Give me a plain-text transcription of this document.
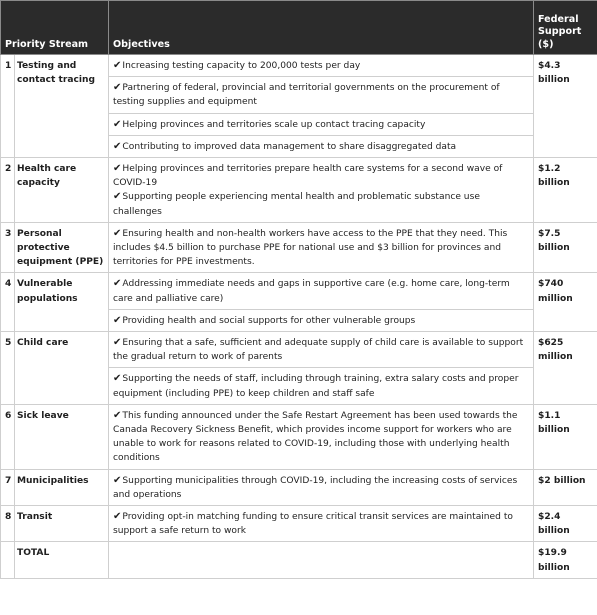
Priority Stream		Objectives	Federal Support ($)
1	Testing and contact tracing	✔Increasing testing capacity to 200,000 tests per day	$4.3 billion
		✔Partnering of federal, provincial and territorial governments on the procurement of testing supplies and equipment	
		✔Helping provinces and territories scale up contact tracing capacity	
		✔Contributing to improved data management to share disaggregated data	
2	Health care capacity	✔Helping provinces and territories prepare health care systems for a second wave of COVID-19
✔Supporting people experiencing mental health and problematic substance use challenges	$1.2 billion
3	Personal protective equipment (PPE)	✔Ensuring health and non-health workers have access to the PPE that they need. This includes $4.5 billion to purchase PPE for national use and $3 billion for provinces and territories for PPE investments.	$7.5 billion
4	Vulnerable populations	✔Addressing immediate needs and gaps in supportive care (e.g. home care, long-term care and palliative care)	$740 million
		✔Providing health and social supports for other vulnerable groups	
5	Child care	✔Ensuring that a safe, sufficient and adequate supply of child care is available to support the gradual return to work of parents	$625 million
		✔Supporting the needs of staff, including through training, extra salary costs and proper equipment (including PPE) to keep children and staff safe	
6	Sick leave	✔This funding announced under the Safe Restart Agreement has been used towards the Canada Recovery Sickness Benefit, which provides income support for workers who are unable to work for reasons related to COVID-19, including those with underlying health conditions	$1.1 billion
7	Municipalities	✔Supporting municipalities through COVID-19, including the increasing costs of services and operations	$2 billion
8	Transit	✔Providing opt-in matching funding to ensure critical transit services are maintained to support a safe return to work	$2.4 billion
	TOTAL		$19.9 billion
